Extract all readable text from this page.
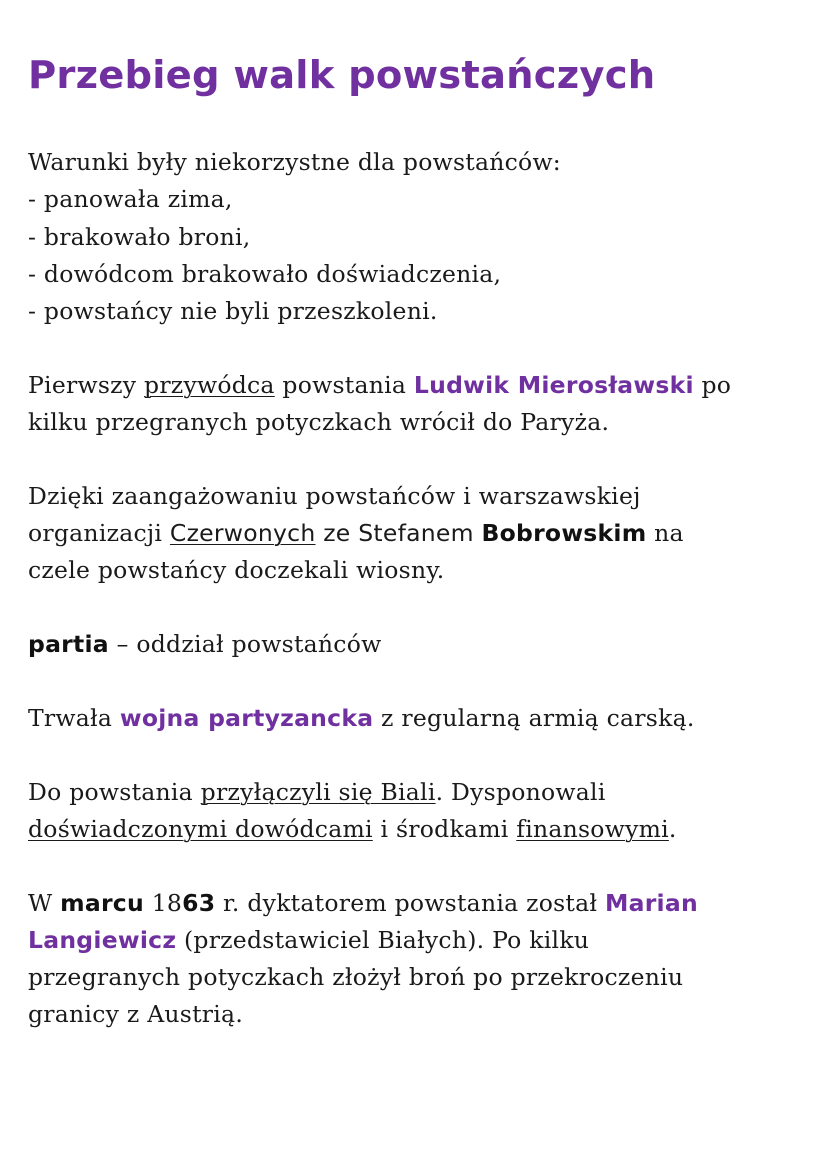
Przebieg walk powstańczych
Warunki były niekorzystne dla powstańców:
- panowała zima,
- brakowało broni,
- dowódcom brakowało doświadczenia,
- powstańcy nie byli przeszkoleni.
Pierwszy przywódca powstania Ludwik Mierosławski po
kilku przegranych potyczkach wrócił do Paryża.
Dzięki zaangażowaniu powstańców i warszawskiej
organizacji Czerwonych ze Stefanem Bobrowskim na
czele powstańcy doczekali wiosny.
partia – oddział powstańców
Trwała wojna partyzancka z regularną armią carską.
Do powstania przyłączyli się Biali. Dysponowali
doświadczonymi dowódcami i środkami finansowymi.
W marcu 1863 r. dyktatorem powstania został Marian
Langiewicz (przedstawiciel Białych). Po kilku
przegranych potyczkach złożył broń po przekroczeniu
granicy z Austrią.
